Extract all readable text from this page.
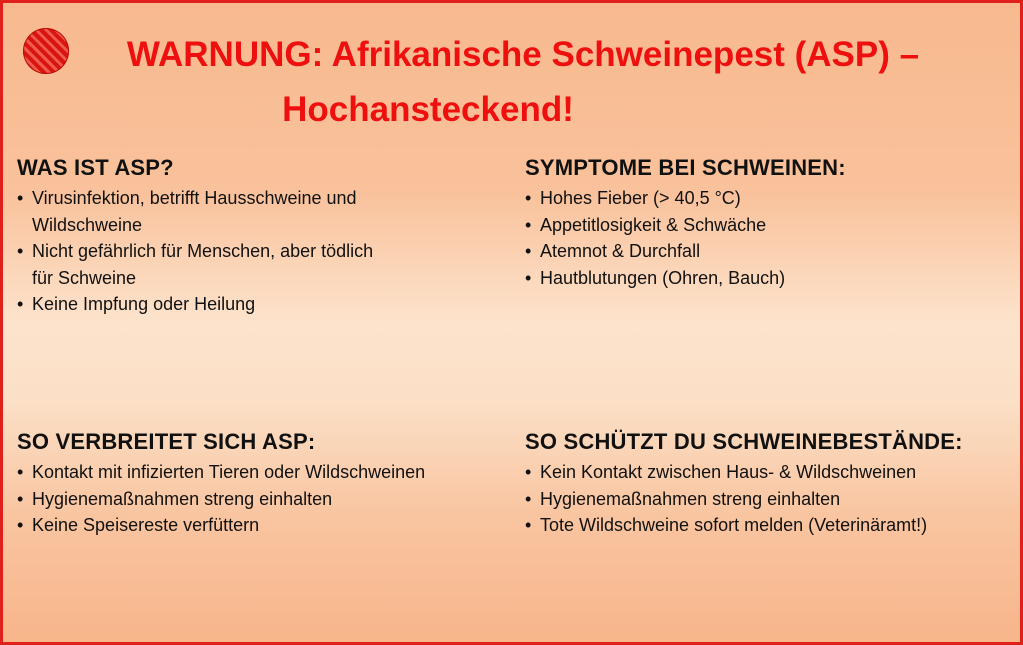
WARNUNG: Afrikanische Schweinepest (ASP) –
Hochansteckend!
WAS IST ASP?
• Virusinfektion, betrifft Hausschweine und Wildschweine
• Nicht gefährlich für Menschen, aber tödlich für Schweine
• Keine Impfung oder Heilung
SYMPTOME BEI SCHWEINEN:
• Hohes Fieber (> 40,5 °C)
• Appetitlosigkeit & Schwäche
• Atemnot & Durchfall
• Hautblutungen (Ohren, Bauch)
SO VERBREITET SICH ASP:
• Kontakt mit infizierten Tieren oder Wildschweinen
• Hygienemaßnahmen streng einhalten
• Keine Speisereste verfüttern
SO SCHÜTZT DU SCHWEINEBESTÄNDE:
• Kein Kontakt zwischen Haus- & Wildschweinen
• Hygienemaßnahmen streng einhalten
• Tote Wildschweine sofort melden (Veterinäramt!)
